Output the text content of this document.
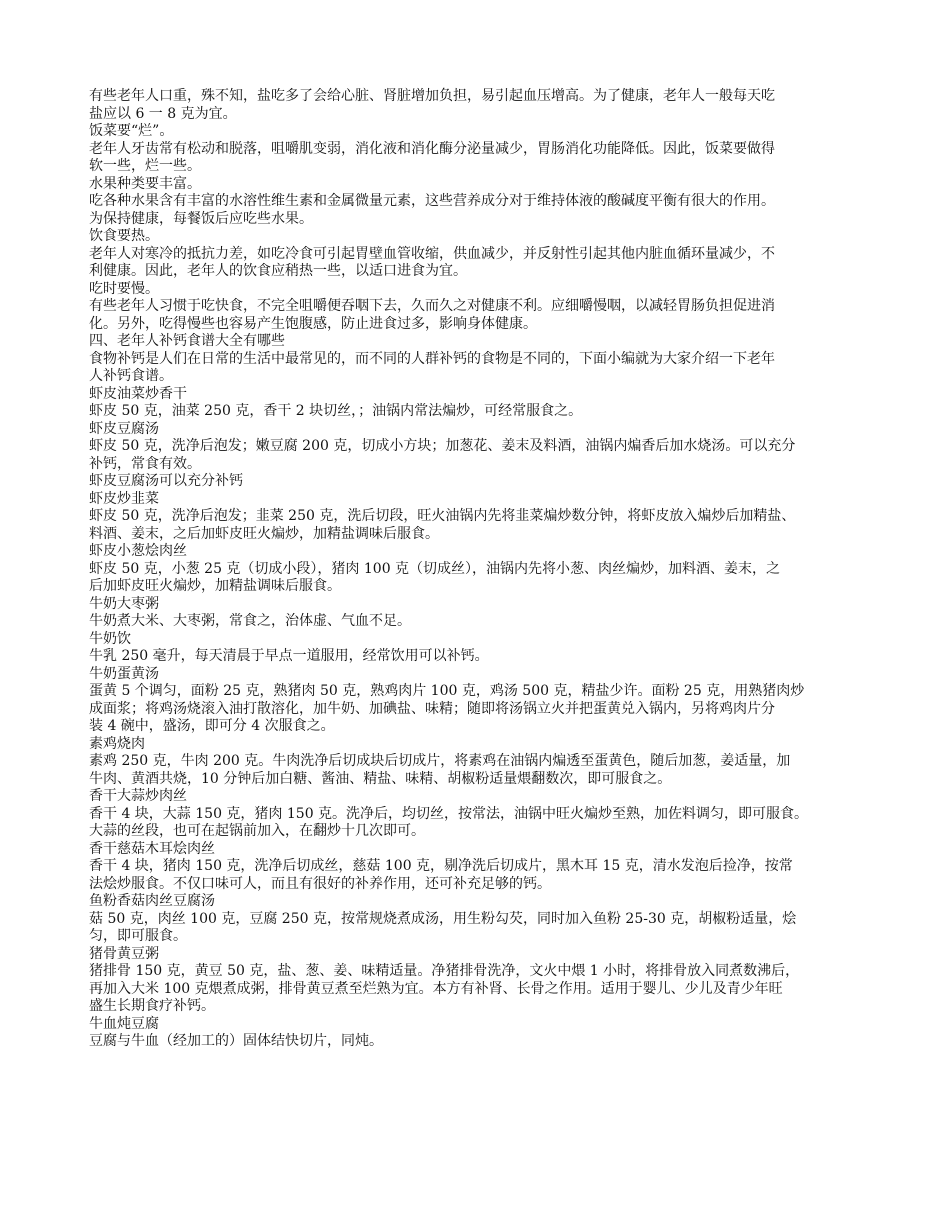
有些老年人口重，殊不知，盐吃多了会给心脏、肾脏增加负担，易引起血压增高。为了健康，老年人一般每天吃
盐应以 6 一 8 克为宜。
饭菜要“烂”。
老年人牙齿常有松动和脱落，咀嚼肌变弱，消化液和消化酶分泌量减少，胃肠消化功能降低。因此，饭菜要做得
软一些，烂一些。
水果种类要丰富。
吃各种水果含有丰富的水溶性维生素和金属微量元素，这些营养成分对于维持体液的酸碱度平衡有很大的作用。
为保持健康，每餐饭后应吃些水果。
饮食要热。
老年人对寒冷的抵抗力差，如吃冷食可引起胃壁血管收缩，供血减少，并反射性引起其他内脏血循环量减少，不
利健康。因此，老年人的饮食应稍热一些，以适口进食为宜。
吃时要慢。
有些老年人习惯于吃快食，不完全咀嚼便吞咽下去，久而久之对健康不利。应细嚼慢咽，以减轻胃肠负担促进消
化。另外，吃得慢些也容易产生饱腹感，防止进食过多，影响身体健康。
四、老年人补钙食谱大全有哪些
食物补钙是人们在日常的生活中最常见的，而不同的人群补钙的食物是不同的，下面小编就为大家介绍一下老年
人补钙食谱。
虾皮油菜炒香干
虾皮 50 克，油菜 250 克，香干 2 块切丝，；油锅内常法煸炒，可经常服食之。
虾皮豆腐汤
虾皮 50 克，洗净后泡发；嫩豆腐 200 克，切成小方块；加葱花、姜末及料酒，油锅内煸香后加水烧汤。可以充分
补钙，常食有效。
虾皮豆腐汤可以充分补钙
虾皮炒韭菜
虾皮 50 克，洗净后泡发；韭菜 250 克，洗后切段，旺火油锅内先将韭菜煸炒数分钟，将虾皮放入煸炒后加精盐、
料酒、姜末，之后加虾皮旺火煸炒，加精盐调味后服食。
虾皮小葱烩肉丝
虾皮 50 克，小葱 25 克（切成小段），猪肉 100 克（切成丝），油锅内先将小葱、肉丝煸炒，加料酒、姜末，之
后加虾皮旺火煸炒，加精盐调味后服食。
牛奶大枣粥
牛奶煮大米、大枣粥，常食之，治体虚、气血不足。
牛奶饮
牛乳 250 毫升，每天清晨于早点一道服用，经常饮用可以补钙。
牛奶蛋黄汤
蛋黄 5 个调匀，面粉 25 克，熟猪肉 50 克，熟鸡肉片 100 克，鸡汤 500 克，精盐少许。面粉 25 克，用熟猪肉炒
成面浆；将鸡汤烧滚入油打散溶化，加牛奶、加碘盐、味精；随即将汤锅立火并把蛋黄兑入锅内，另将鸡肉片分
装 4 碗中，盛汤，即可分 4 次服食之。
素鸡烧肉
素鸡 250 克，牛肉 200 克。牛肉洗净后切成块后切成片，将素鸡在油锅内煸透至蛋黄色，随后加葱，姜适量，加
牛肉、黄酒共烧，10 分钟后加白糖、酱油、精盐、味精、胡椒粉适量煨翻数次，即可服食之。
香干大蒜炒肉丝
香干 4 块，大蒜 150 克，猪肉 150 克。洗净后，均切丝，按常法，油锅中旺火煸炒至熟，加佐料调匀，即可服食。
大蒜的丝段，也可在起锅前加入，在翻炒十几次即可。
香干慈菇木耳烩肉丝
香干 4 块，猪肉 150 克，洗净后切成丝，慈菇 100 克，剔净洗后切成片，黑木耳 15 克，清水发泡后捡净，按常
法烩炒服食。不仅口味可人，而且有很好的补养作用，还可补充足够的钙。
鱼粉香菇肉丝豆腐汤
菇 50 克，肉丝 100 克，豆腐 250 克，按常规烧煮成汤，用生粉勾芡，同时加入鱼粉 25-30 克，胡椒粉适量，烩
匀，即可服食。
猪骨黄豆粥
猪排骨 150 克，黄豆 50 克，盐、葱、姜、味精适量。净猪排骨洗净，文火中煨 1 小时，将排骨放入同煮数沸后，
再加入大米 100 克煨煮成粥，排骨黄豆煮至烂熟为宜。本方有补肾、长骨之作用。适用于婴儿、少儿及青少年旺
盛生长期食疗补钙。
牛血炖豆腐
豆腐与牛血（经加工的）固体结快切片，同炖。
